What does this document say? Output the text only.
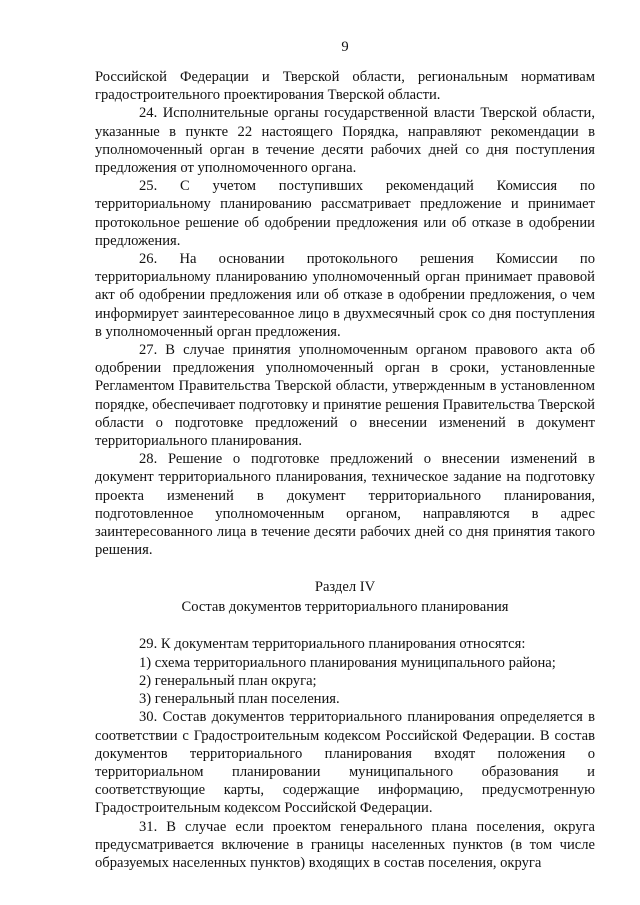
9

Российской Федерации и Тверской области, региональным нормативам градостроительного проектирования Тверской области.

24. Исполнительные органы государственной власти Тверской области, указанные в пункте 22 настоящего Порядка, направляют рекомендации в уполномоченный орган в течение десяти рабочих дней со дня поступления предложения от уполномоченного органа.

25. С учетом поступивших рекомендаций Комиссия по территориальному планированию рассматривает предложение и принимает протокольное решение об одобрении предложения или об отказе в одобрении предложения.

26. На основании протокольного решения Комиссии по территориальному планированию уполномоченный орган принимает правовой акт об одобрении предложения или об отказе в одобрении предложения, о чем информирует заинтересованное лицо в двухмесячный срок со дня поступления в уполномоченный орган предложения.

27. В случае принятия уполномоченным органом правового акта об одобрении предложения уполномоченный орган в сроки, установленные Регламентом Правительства Тверской области, утвержденным в установленном порядке, обеспечивает подготовку и принятие решения Правительства Тверской области о подготовке предложений о внесении изменений в документ территориального планирования.

28. Решение о подготовке предложений о внесении изменений в документ территориального планирования, техническое задание на подготовку проекта изменений в документ территориального планирования, подготовленное уполномоченным органом, направляются в адрес заинтересованного лица в течение десяти рабочих дней со дня принятия такого решения.

Раздел IV
Состав документов территориального планирования

29. К документам территориального планирования относятся:

1) схема территориального планирования муниципального района;

2) генеральный план округа;

3) генеральный план поселения.

30. Состав документов территориального планирования определяется в соответствии с Градостроительным кодексом Российской Федерации. В состав документов территориального планирования входят положения о территориальном планировании муниципального образования и соответствующие карты, содержащие информацию, предусмотренную Градостроительным кодексом Российской Федерации.

31. В случае если проектом генерального плана поселения, округа предусматривается включение в границы населенных пунктов (в том числе образуемых населенных пунктов) входящих в состав поселения, округа
